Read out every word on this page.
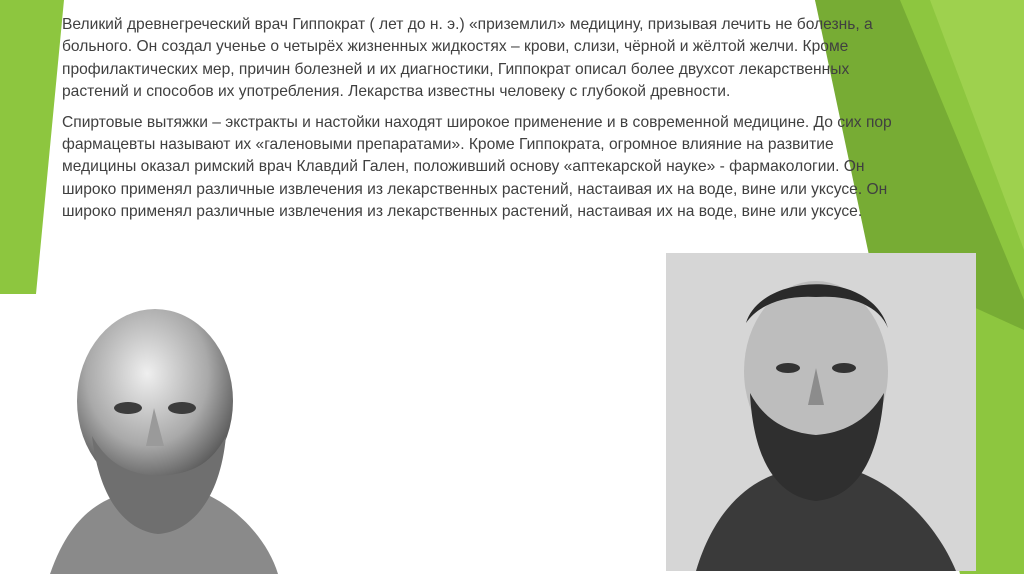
Великий древнегреческий врач Гиппократ ( лет до н. э.) «приземлил» медицину, призывая лечить не болезнь, а больного. Он создал ученье о четырёх жизненных жидкостях – крови, слизи, чёрной и жёлтой желчи. Кроме профилактических мер, причин болезней и их диагностики, Гиппократ описал более двухсот лекарственных растений и способов их употребления. Лекарства известны человеку с глубокой древности.

Спиртовые вытяжки – экстракты и настойки находят широкое применение и в современной медицине. До сих пор фармацевты называют их «галеновыми препаратами». Кроме Гиппократа, огромное влияние на развитие медицины оказал римский врач Клавдий Гален, положивший основу «аптекарской науке» - фармакологии. Он широко применял различные извлечения из лекарственных растений, настаивая их на воде, вине или уксусе. Он широко применял различные извлечения из лекарственных растений, настаивая их на воде, вине или уксусе.
